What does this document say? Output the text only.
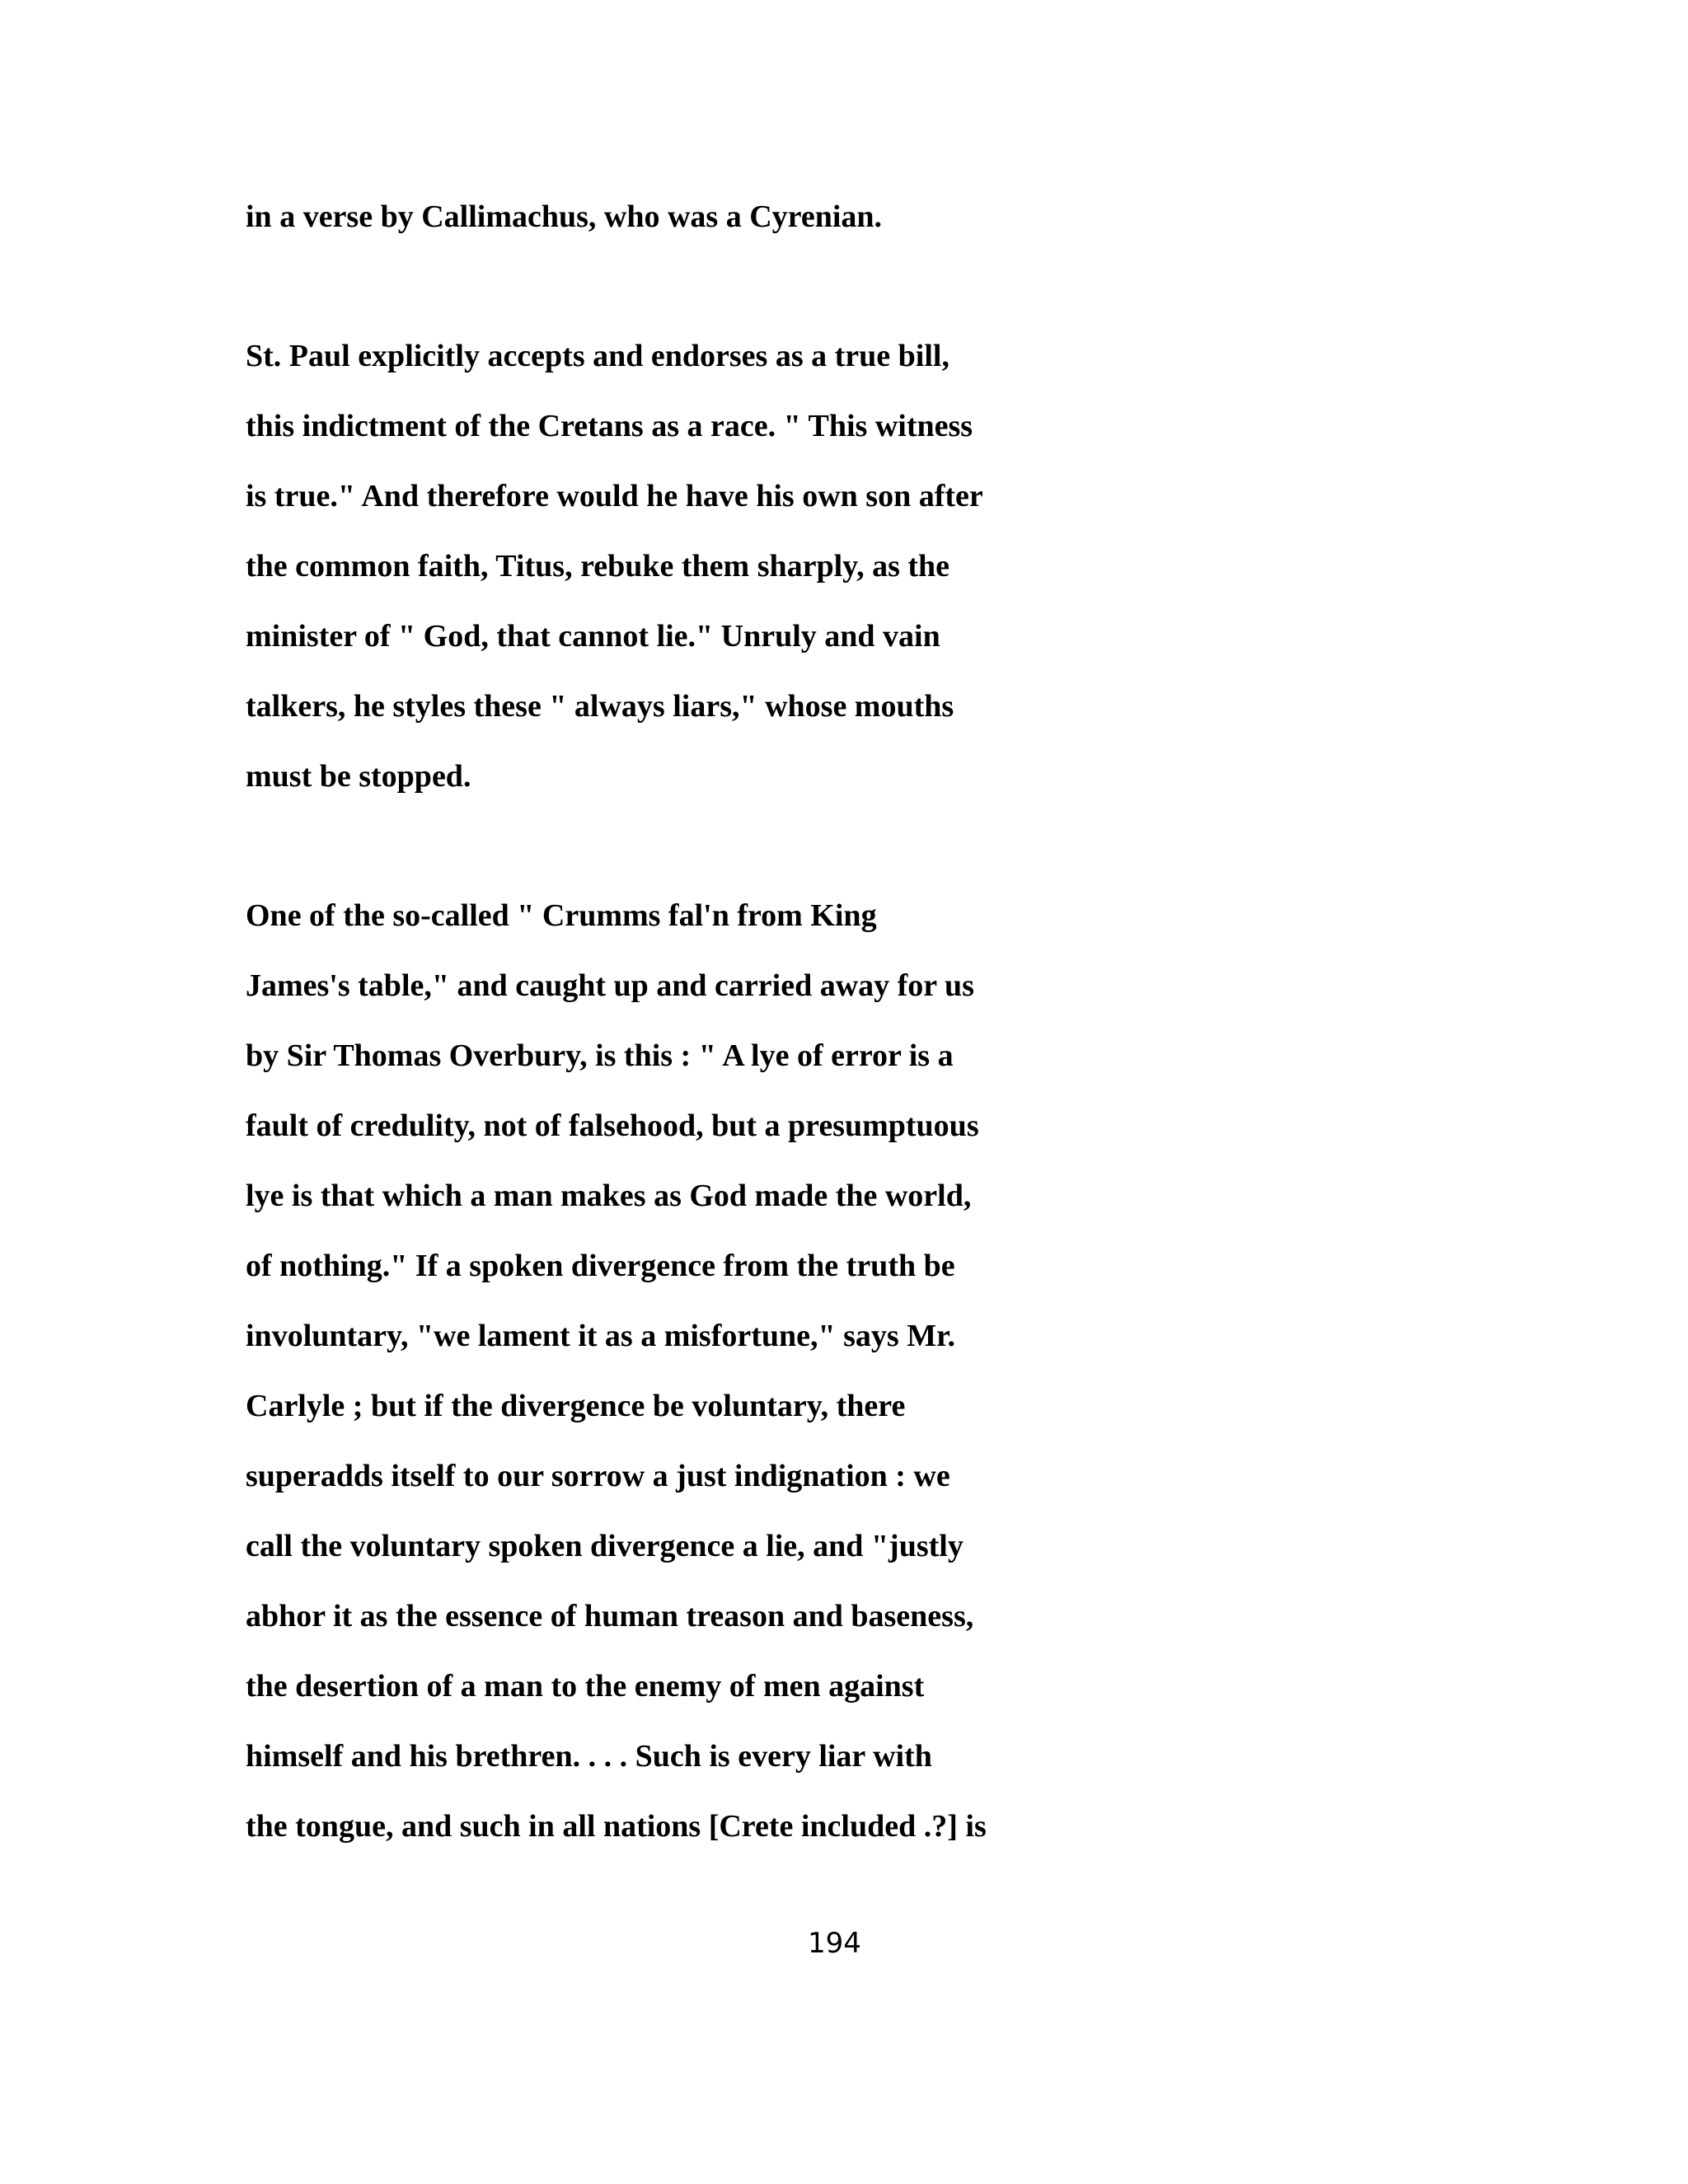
in a verse by Callimachus, who was a Cyrenian.

St. Paul explicitly accepts and endorses as a true bill,

this indictment of the Cretans as a race. " This witness

is true." And therefore would he have his own son after

the common faith, Titus, rebuke them sharply, as the

minister of " God, that cannot lie." Unruly and vain

talkers, he styles these " always liars," whose mouths

must be stopped.

One of the so-called " Crumms fal'n from King

James's table," and caught up and carried away for us

by Sir Thomas Overbury, is this : " A lye of error is a

fault of credulity, not of falsehood, but a presumptuous

lye is that which a man makes as God made the world,

of nothing." If a spoken divergence from the truth be

involuntary, "we lament it as a misfortune," says Mr.

Carlyle ; but if the divergence be voluntary, there

superadds itself to our sorrow a just indignation : we

call the voluntary spoken divergence a lie, and "justly

abhor it as the essence of human treason and baseness,

the desertion of a man to the enemy of men against

himself and his brethren. . . . Such is every liar with

the tongue, and such in all nations [Crete included .?] is

194
